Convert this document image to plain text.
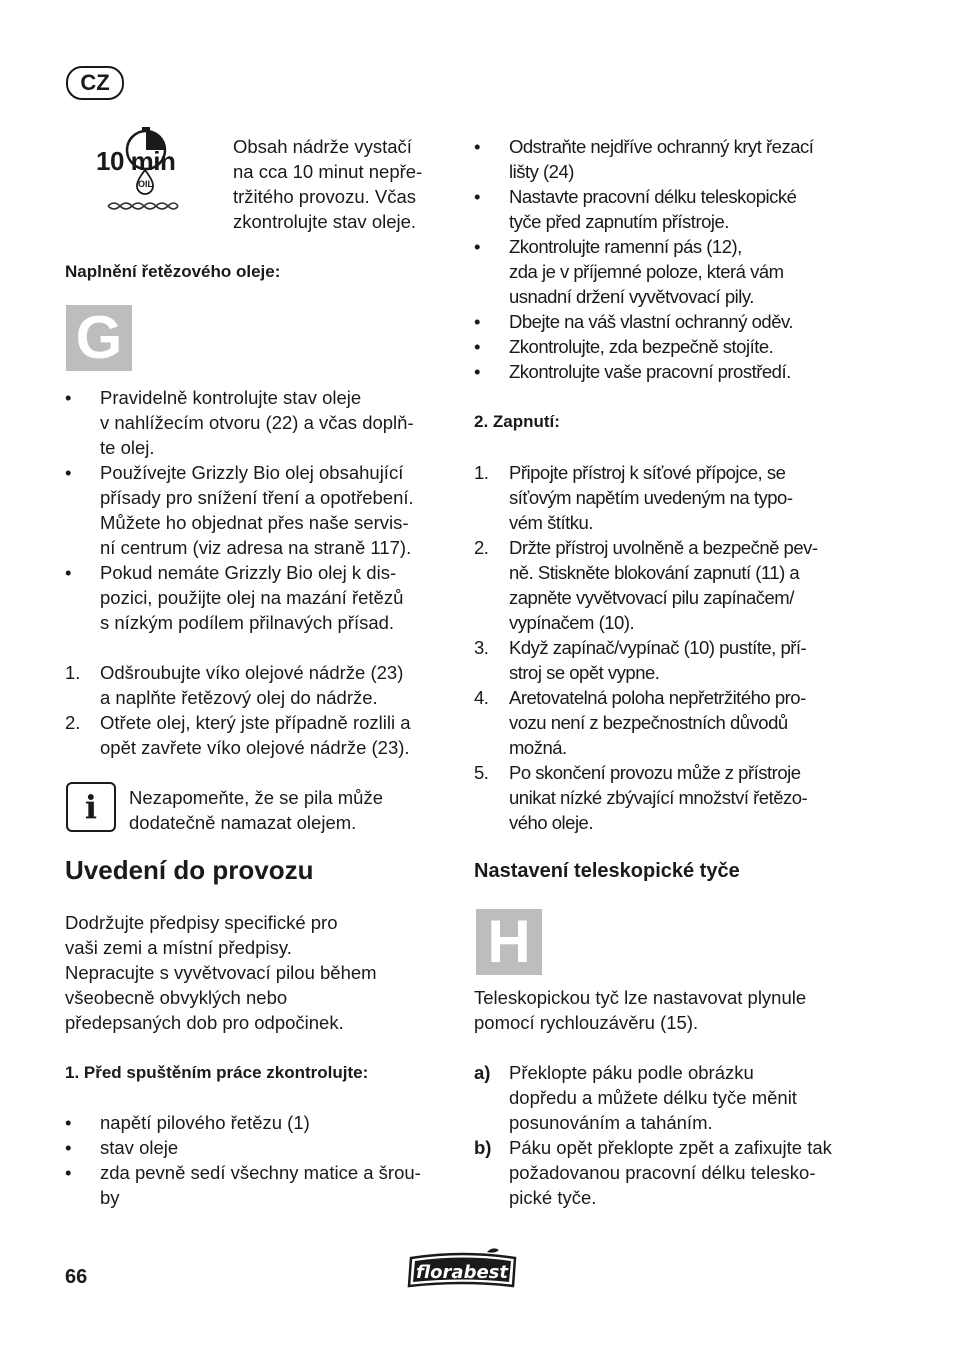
CZ
10 min
OIL
Obsah nádrže vystačí
na cca 10 minut nepře-
tržitého provozu. Včas
zkontrolujte stav oleje.
Naplnění řetězového oleje:
G
• Pravidelně kontrolujte stav oleje
v nahlížecím otvoru (22) a včas doplň-
te olej.
• Používejte Grizzly Bio olej obsahující
přísady pro snížení tření a opotřebení.
Můžete ho objednat přes naše servis-
ní centrum (viz adresa na straně 117).
• Pokud nemáte Grizzly Bio olej k dis-
pozici, použijte olej na mazání řetězů
s nízkým podílem přilnavých přísad.
1. Odšroubujte víko olejové nádrže (23)
a naplňte řetězový olej do nádrže.
2. Otřete olej, který jste případně rozlili a
opět zavřete víko olejové nádrže (23).
i	Nezapomeňte, že se pila může
dodatečně namazat olejem.
Uvedení do provozu
Dodržujte předpisy specifické pro
vaši zemi a místní předpisy.
Nepracujte s vyvětvovací pilou během
všeobecně obvyklých nebo
předepsaných dob pro odpočinek.
1. Před spuštěním práce zkontrolujte:
• napětí pilového řetězu (1)
• stav oleje
• zda pevně sedí všechny matice a šrou-
by
• Odstraňte nejdříve ochranný kryt řezací
lišty (24)
• Nastavte pracovní délku teleskopické
tyče před zapnutím přístroje.
• Zkontrolujte ramenní pás (12),
zda je v příjemné poloze, která vám
usnadní držení vyvětvovací pily.
• Dbejte na váš vlastní ochranný oděv.
• Zkontrolujte, zda bezpečně stojíte.
• Zkontrolujte vaše pracovní prostředí.
2. Zapnutí:
1. Připojte přístroj k síťové přípojce, se
síťovým napětím uvedeným na typo-
vém štítku.
2. Držte přístroj uvolněně a bezpečně pev-
ně. Stiskněte blokování zapnutí (11) a
zapněte vyvětvovací pilu zapínačem/
vypínačem (10).
3. Když zapínač/vypínač (10) pustíte, pří-
stroj se opět vypne.
4. Aretovatelná poloha nepřetržitého pro-
vozu není z bezpečnostních důvodů
možná.
5. Po skončení provozu může z přístroje
unikat nízké zbývající množství řetězo-
vého oleje.
Nastavení teleskopické tyče
H
Teleskopickou tyč lze nastavovat plynule
pomocí rychlouzávěru (15).
a) Překlopte páku podle obrázku
dopředu a můžete délku tyče měnit
posunováním a taháním.
b) Páku opět překlopte zpět a zafixujte tak
požadovanou pracovní délku telesko-
pické tyče.
66	florabest
